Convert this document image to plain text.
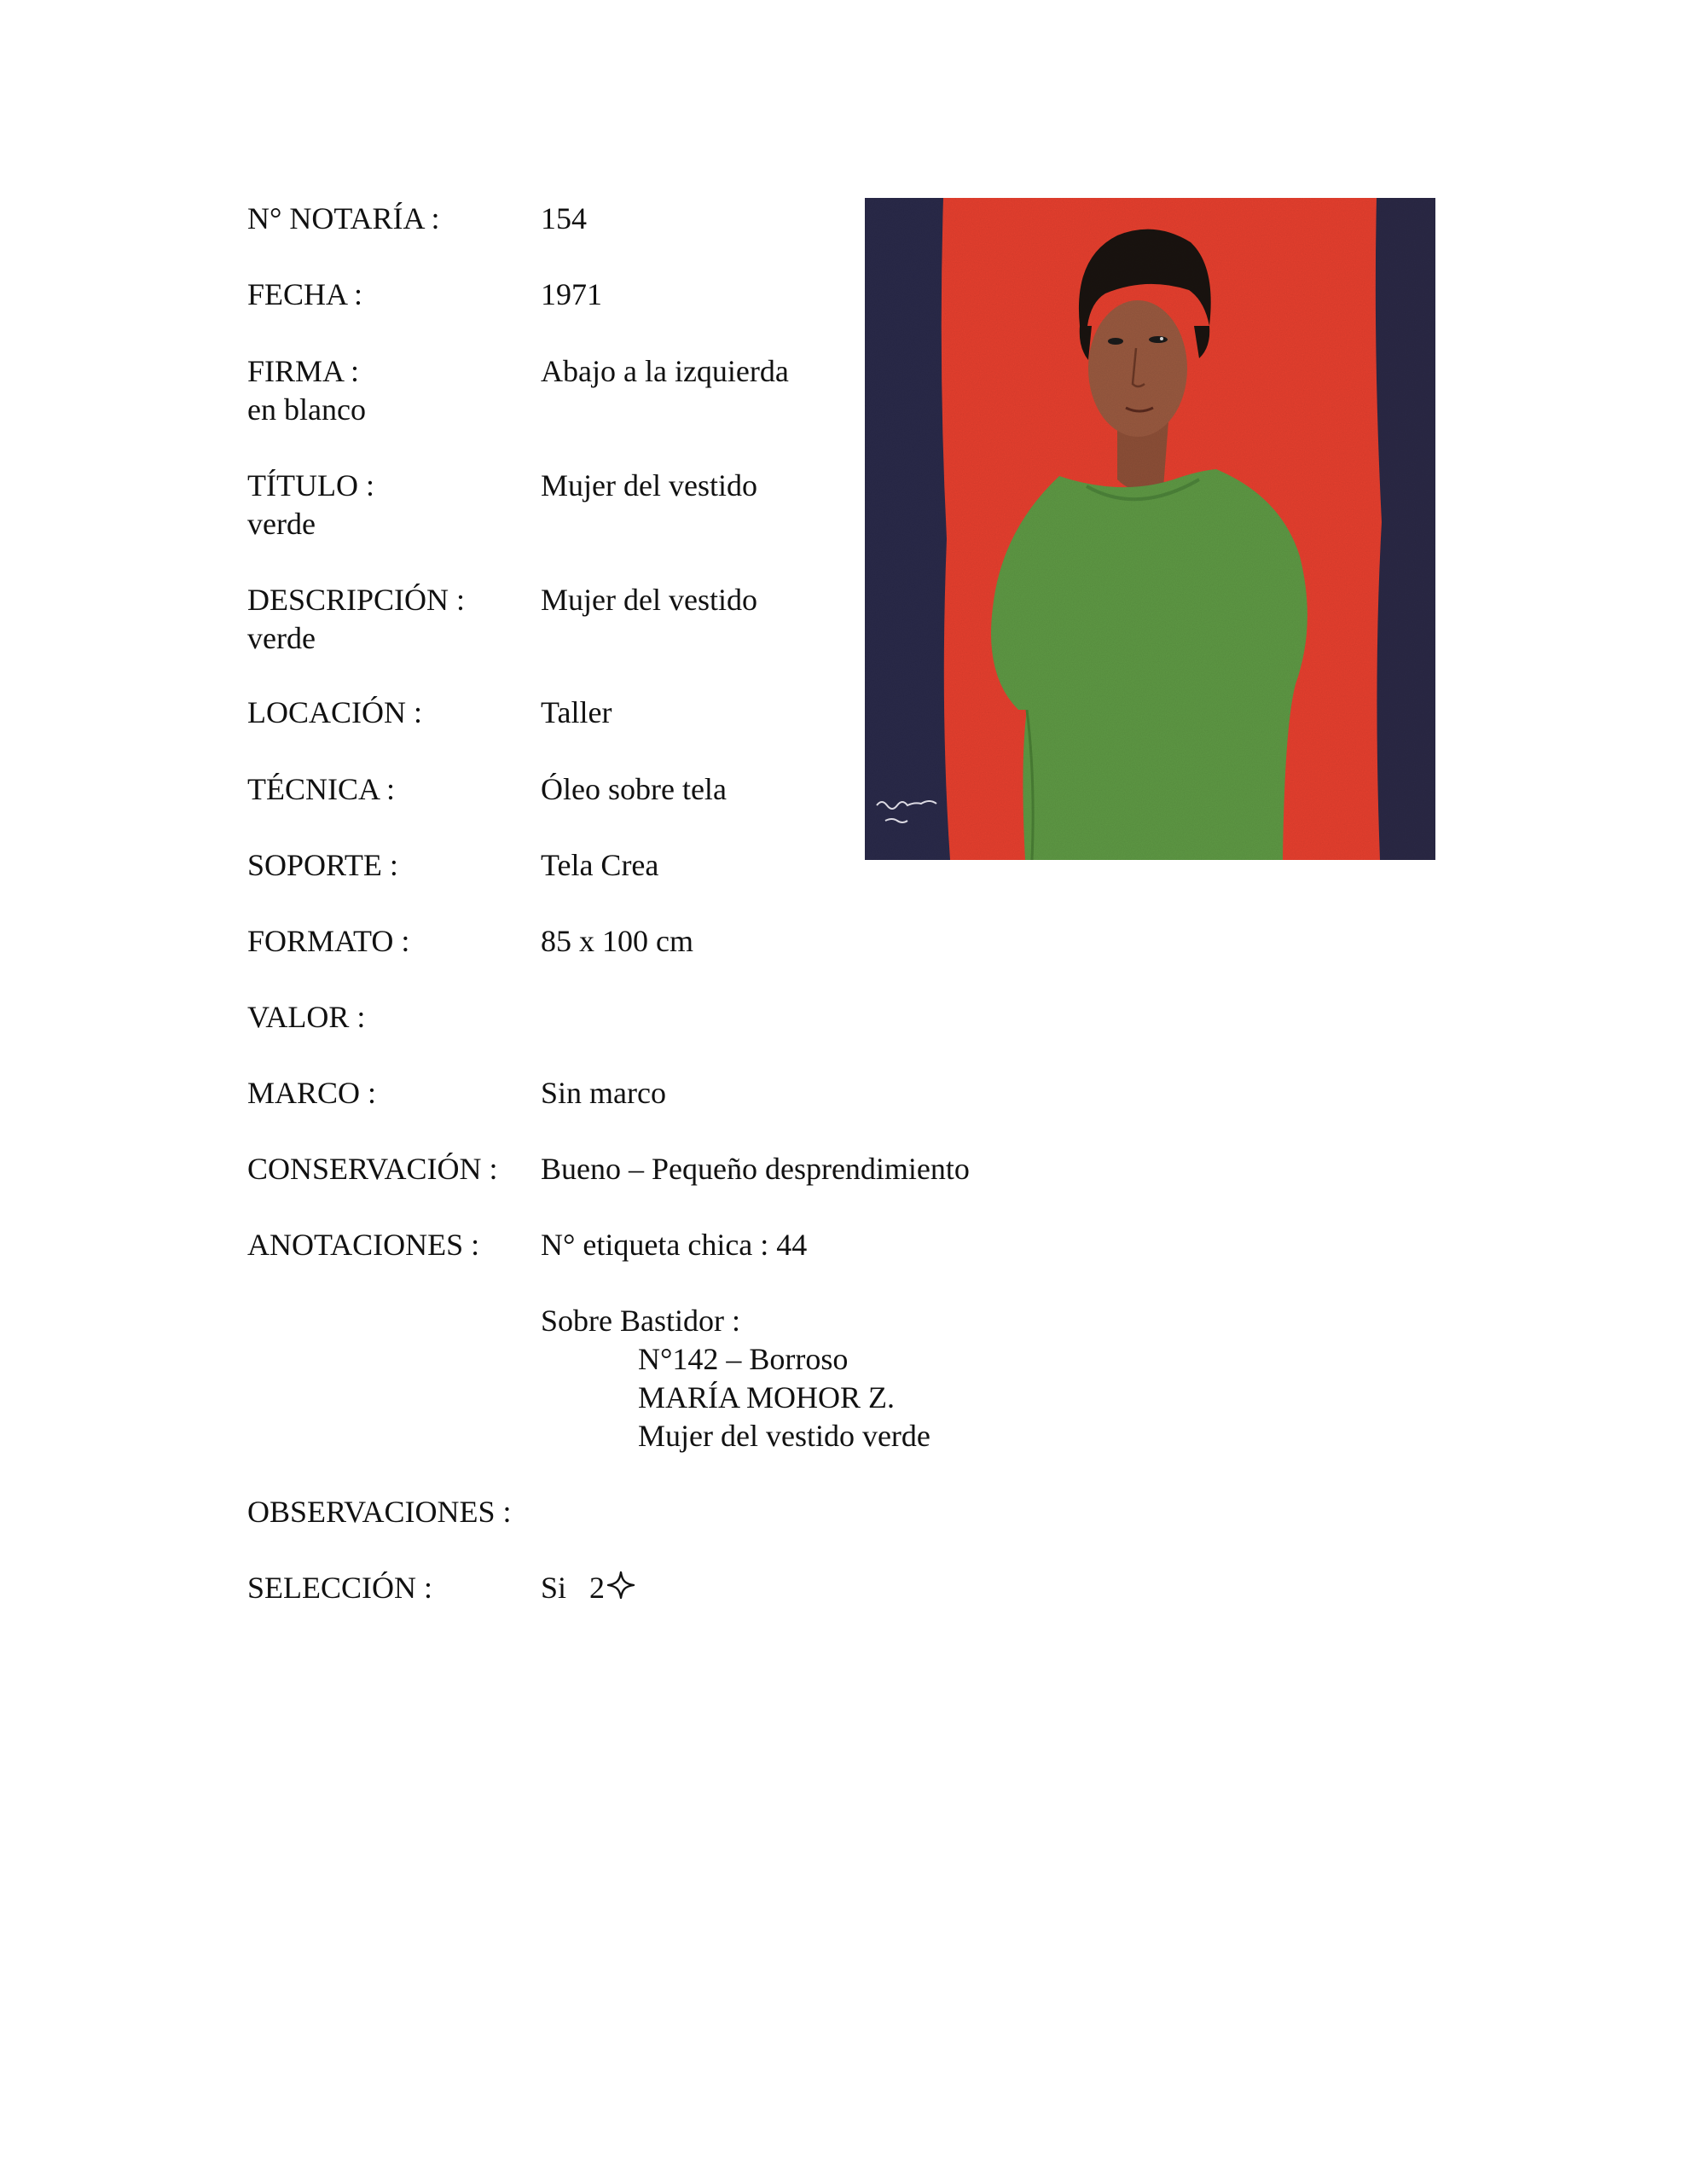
N° NOTARÍA :	154
FECHA :	1971
FIRMA :	Abajo a la izquierda
en blanco
TÍTULO :	Mujer del vestido
verde
DESCRIPCIÓN : Mujer del vestido
verde
LOCACIÓN :	Taller
TÉCNICA :	Óleo sobre tela
SOPORTE :	Tela Crea
FORMATO :	85 x 100 cm
VALOR :
MARCO :	Sin marco
CONSERVACIÓN : Bueno – Pequeño desprendimiento
ANOTACIONES : N° etiqueta chica : 44
Sobre Bastidor :
N°142 – Borroso
MARÍA MOHOR Z.
Mujer del vestido verde
OBSERVACIONES :
SELECCIÓN :	Si   2
